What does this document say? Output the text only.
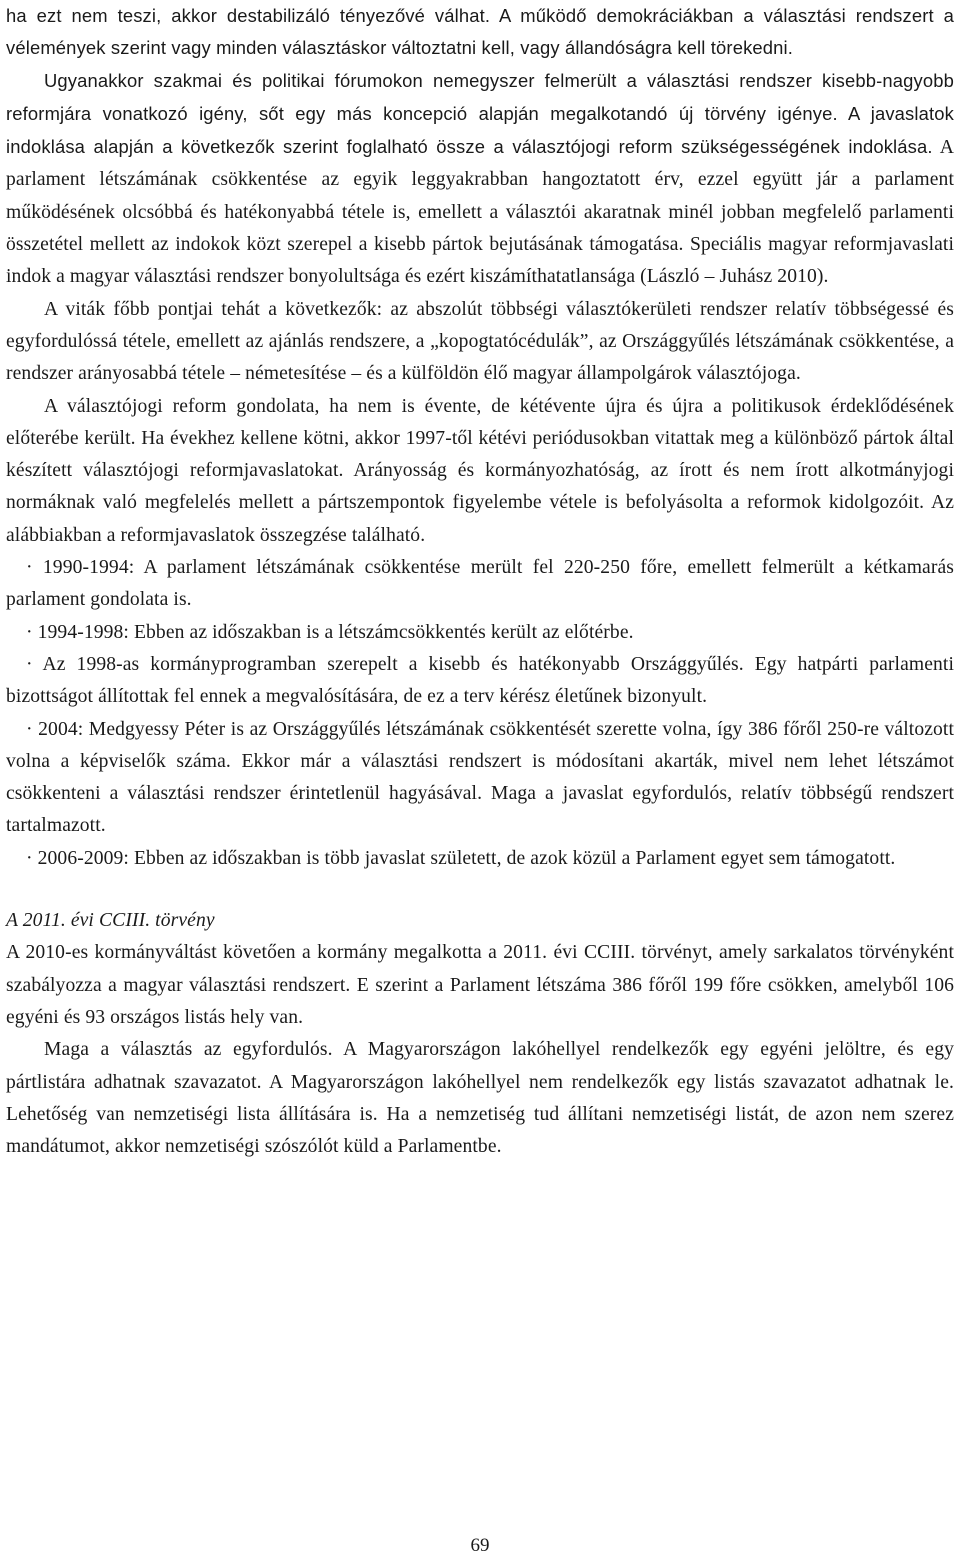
ha ezt nem teszi, akkor destabilizáló tényezővé válhat. A működő demokráciákban a választási rendszert a vélemények szerint vagy minden választáskor változtatni kell, vagy állandóságra kell törekedni.

Ugyanakkor szakmai és politikai fórumokon nemegyszer felmerült a választási rendszer kisebb-nagyobb reformjára vonatkozó igény, sőt egy más koncepció alapján megalkotandó új törvény igénye. A javaslatok indoklása alapján a következők szerint foglalható össze a választójogi reform szükségességének indoklása. A parlament létszámának csökkentése az egyik leggyakrabban hangoztatott érv, ezzel együtt jár a parlament működésének olcsóbbá és hatékonyabbá tétele is, emellett a választói akaratnak minél jobban megfelelő parlamenti összetétel mellett az indokok közt szerepel a kisebb pártok bejutásának támogatása. Speciális magyar reformjavaslati indok a magyar választási rendszer bonyolultsága és ezért kiszámíthatatlansága (László – Juhász 2010).

A viták főbb pontjai tehát a következők: az abszolút többségi választókerületi rendszer relatív többségessé és egyfordulóssá tétele, emellett az ajánlás rendszere, a „kopogtatócédulák”, az Országgyűlés létszámának csökkentése, a rendszer arányosabbá tétele – németesítése – és a külföldön élő magyar állampolgárok választójoga.

A választójogi reform gondolata, ha nem is évente, de kétévente újra és újra a politikusok érdeklődésének előterébe került. Ha évekhez kellene kötni, akkor 1997-től kétévi periódusokban vitattak meg a különböző pártok által készített választójogi reformjavaslatokat. Arányosság és kormányozhatóság, az írott és nem írott alkotmányjogi normáknak való megfelelés mellett a pártszempontok figyelembe vétele is befolyásolta a reformok kidolgozóit. Az alábbiakban a reformjavaslatok összegzése található.

· 1990-1994: A parlament létszámának csökkentése merült fel 220-250 főre, emellett felmerült a kétkamarás parlament gondolata is.

· 1994-1998: Ebben az időszakban is a létszámcsökkentés került az előtérbe.

· Az 1998-as kormányprogramban szerepelt a kisebb és hatékonyabb Országgyűlés. Egy hatpárti parlamenti bizottságot állítottak fel ennek a megvalósítására, de ez a terv kérész életűnek bizonyult.

· 2004: Medgyessy Péter is az Országgyűlés létszámának csökkentését szerette volna, így 386 főről 250-re változott volna a képviselők száma. Ekkor már a választási rendszert is módosítani akarták, mivel nem lehet létszámot csökkenteni a választási rendszer érintetlenül hagyásával. Maga a javaslat egyfordulós, relatív többségű rendszert tartalmazott.

· 2006-2009: Ebben az időszakban is több javaslat született, de azok közül a Parlament egyet sem támogatott.

A 2011. évi CCIII. törvény

A 2010-es kormányváltást követően a kormány megalkotta a 2011. évi CCIII. törvényt, amely sarkalatos törvényként szabályozza a magyar választási rendszert. E szerint a Parlament létszáma 386 főről 199 főre csökken, amelyből 106 egyéni és 93 országos listás hely van.

Maga a választás az egyfordulós. A Magyarországon lakóhellyel rendelkezők egy egyéni jelöltre, és egy pártlistára adhatnak szavazatot. A Magyarországon lakóhellyel nem rendelkezők egy listás szavazatot adhatnak le. Lehetőség van nemzetiségi lista állítására is. Ha a nemzetiség tud állítani nemzetiségi listát, de azon nem szerez mandátumot, akkor nemzetiségi szószólót küld a Parlamentbe.

69
